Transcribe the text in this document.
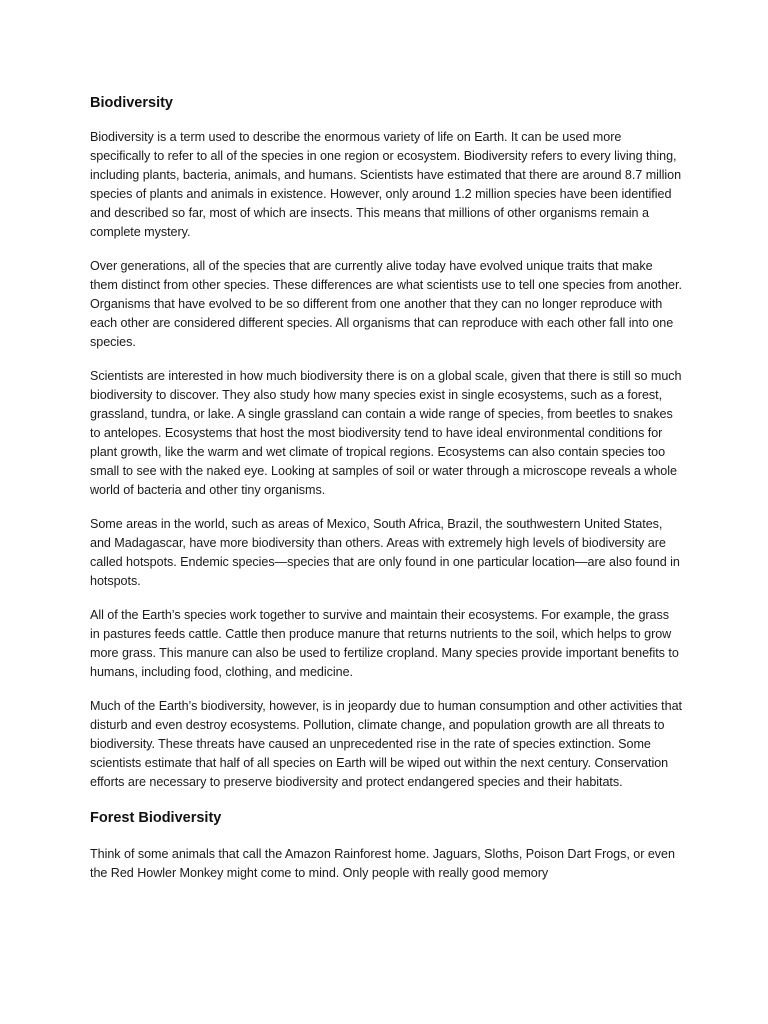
Biodiversity

Biodiversity is a term used to describe the enormous variety of life on Earth. It can be used more specifically to refer to all of the species in one region or ecosystem. Biodiversity refers to every living thing, including plants, bacteria, animals, and humans. Scientists have estimated that there are around 8.7 million species of plants and animals in existence. However, only around 1.2 million species have been identified and described so far, most of which are insects. This means that millions of other organisms remain a complete mystery.

Over generations, all of the species that are currently alive today have evolved unique traits that make them distinct from other species. These differences are what scientists use to tell one species from another. Organisms that have evolved to be so different from one another that they can no longer reproduce with each other are considered different species. All organisms that can reproduce with each other fall into one species.

Scientists are interested in how much biodiversity there is on a global scale, given that there is still so much biodiversity to discover. They also study how many species exist in single ecosystems, such as a forest, grassland, tundra, or lake. A single grassland can contain a wide range of species, from beetles to snakes to antelopes. Ecosystems that host the most biodiversity tend to have ideal environmental conditions for plant growth, like the warm and wet climate of tropical regions. Ecosystems can also contain species too small to see with the naked eye. Looking at samples of soil or water through a microscope reveals a whole world of bacteria and other tiny organisms.

Some areas in the world, such as areas of Mexico, South Africa, Brazil, the southwestern United States, and Madagascar, have more biodiversity than others. Areas with extremely high levels of biodiversity are called hotspots. Endemic species—species that are only found in one particular location—are also found in hotspots.

All of the Earth’s species work together to survive and maintain their ecosystems. For example, the grass in pastures feeds cattle. Cattle then produce manure that returns nutrients to the soil, which helps to grow more grass. This manure can also be used to fertilize cropland. Many species provide important benefits to humans, including food, clothing, and medicine.

Much of the Earth’s biodiversity, however, is in jeopardy due to human consumption and other activities that disturb and even destroy ecosystems. Pollution, climate change, and population growth are all threats to biodiversity. These threats have caused an unprecedented rise in the rate of species extinction. Some scientists estimate that half of all species on Earth will be wiped out within the next century. Conservation efforts are necessary to preserve biodiversity and protect endangered species and their habitats.

Forest Biodiversity

Think of some animals that call the Amazon Rainforest home. Jaguars, Sloths, Poison Dart Frogs, or even the Red Howler Monkey might come to mind. Only people with really good memory
